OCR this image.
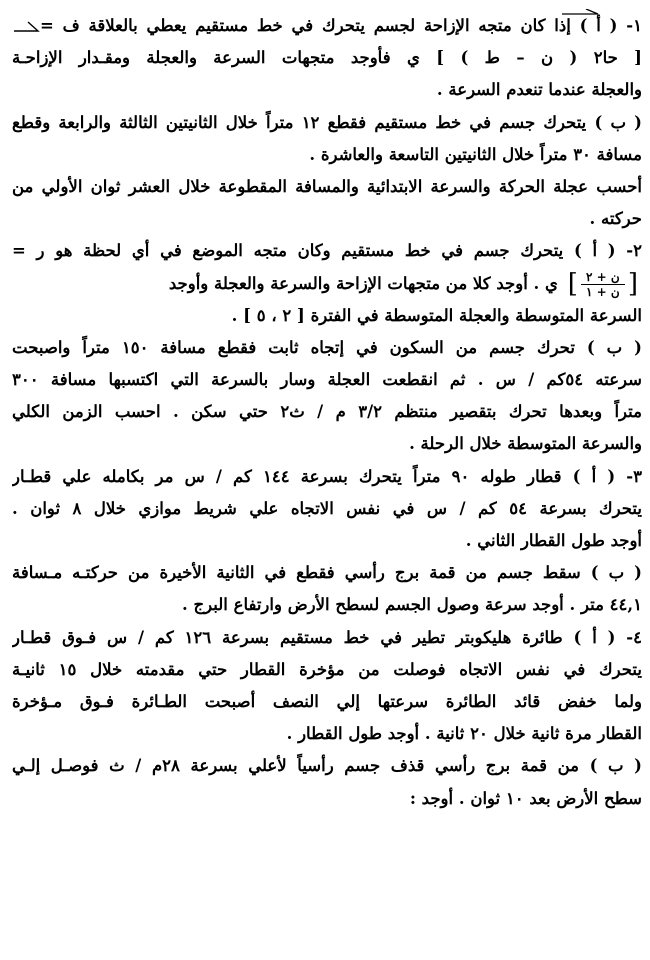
١- ( أ ) إذا كان متجه الإزاحة لجسم يتحرك في خط مستقيم يعطي بالعلاقة ف =
[ حا٢ ( ن – ط ) ] ي فأوجد متجهات السرعة والعجلة ومقـدار الإزاحـة
والعجلة عندما تنعدم السرعة .
( ب ) يتحرك جسم في خط مستقيم فقطع ١٢ متراً خلال الثانيتين الثالثة والرابعة وقطع
مسافة ٣٠ متراً خلال الثانيتين التاسعة والعاشرة .
أحسب عجلة الحركة والسرعة الابتدائية والمسافة المقطوعة خلال العشر ثوان الأولي من
حركته .
٢- ( أ ) يتحرك جسم في خط مستقيم وكان متجه الموضع في أي لحظة هو ر =
[ ن + ٢
ن + ١ ]
ي . أوجد كلا من متجهات الإزاحة والسرعة والعجلة وأوجد
السرعة المتوسطة والعجلة المتوسطة في الفترة [ ٢ ، ٥ ] .
( ب ) تحرك جسم من السكون في إتجاه ثابت فقطع مسافة ١٥٠ متراً واصبحت
سرعته ٥٤كم / س . ثم انقطعت العجلة وسار بالسرعة التي اكتسبها مسافة ٣٠٠
متراً وبعدها تحرك بتقصير منتظم ٣/٢ م / ث٢ حتي سكن . احسب الزمن الكلي
والسرعة المتوسطة خلال الرحلة .
٣- ( أ ) قطار طوله ٩٠ متراً يتحرك بسرعة ١٤٤ كم / س مر بكامله علي قطـار
يتحرك بسرعة ٥٤ كم / س في نفس الاتجاه علي شريط موازي خلال ٨ ثوان .
أوجد طول القطار الثاني .
( ب ) سقط جسم من قمة برج رأسي فقطع في الثانية الأخيرة من حركتـه مـسافة
٤٤,١ متر . أوجد سرعة وصول الجسم لسطح الأرض وارتفاع البرج .
٤- ( أ ) طائرة هليكوبتر تطير في خط مستقيم بسرعة ١٢٦ كم / س فـوق قطـار
يتحرك في نفس الاتجاه فوصلت من مؤخرة القطار حتي مقدمته خلال ١٥ ثانيـة
ولما خفض قائد الطائرة سرعتها إلي النصف أصبحت الطـائرة فـوق مـؤخرة
القطار مرة ثانية خلال ٢٠ ثانية . أوجد طول القطار .
( ب ) من قمة برج رأسي قذف جسم رأسياً لأعلي بسرعة ٢٨م / ث فوصـل إلـي
سطح الأرض بعد ١٠ ثوان . أوجد :
